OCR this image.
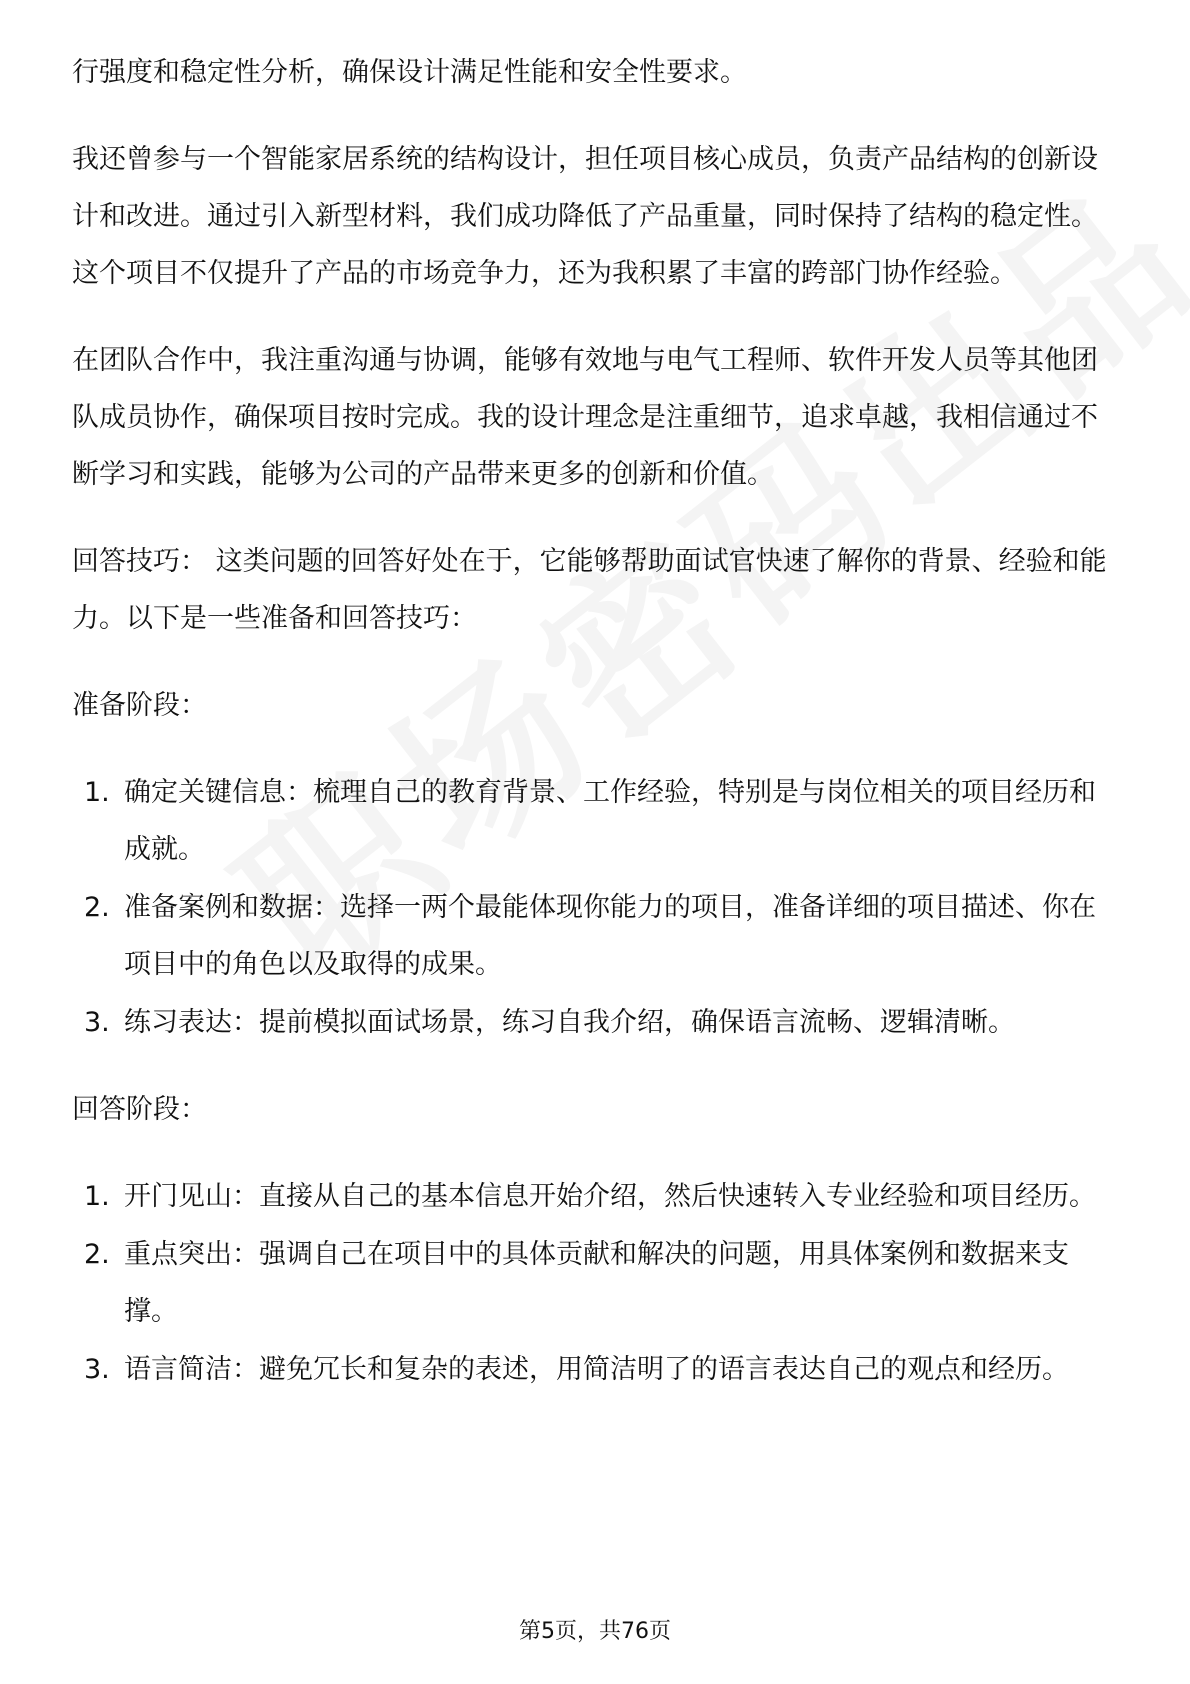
行强度和稳定性分析，确保设计满足性能和安全性要求。

我还曾参与一个智能家居系统的结构设计，担任项目核心成员，负责产品结构的创新设计和改进。通过引入新型材料，我们成功降低了产品重量，同时保持了结构的稳定性。这个项目不仅提升了产品的市场竞争力，还为我积累了丰富的跨部门协作经验。

在团队合作中，我注重沟通与协调，能够有效地与电气工程师、软件开发人员等其他团队成员协作，确保项目按时完成。我的设计理念是注重细节，追求卓越，我相信通过不断学习和实践，能够为公司的产品带来更多的创新和价值。

回答技巧： 这类问题的回答好处在于，它能够帮助面试官快速了解你的背景、经验和能力。以下是一些准备和回答技巧：

准备阶段：

1. 确定关键信息：梳理自己的教育背景、工作经验，特别是与岗位相关的项目经历和成就。
2. 准备案例和数据：选择一两个最能体现你能力的项目，准备详细的项目描述、你在项目中的角色以及取得的成果。
3. 练习表达：提前模拟面试场景，练习自我介绍，确保语言流畅、逻辑清晰。

回答阶段：

1. 开门见山：直接从自己的基本信息开始介绍，然后快速转入专业经验和项目经历。
2. 重点突出：强调自己在项目中的具体贡献和解决的问题，用具体案例和数据来支撑。
3. 语言简洁：避免冗长和复杂的表述，用简洁明了的语言表达自己的观点和经历。
第5页，共76页
